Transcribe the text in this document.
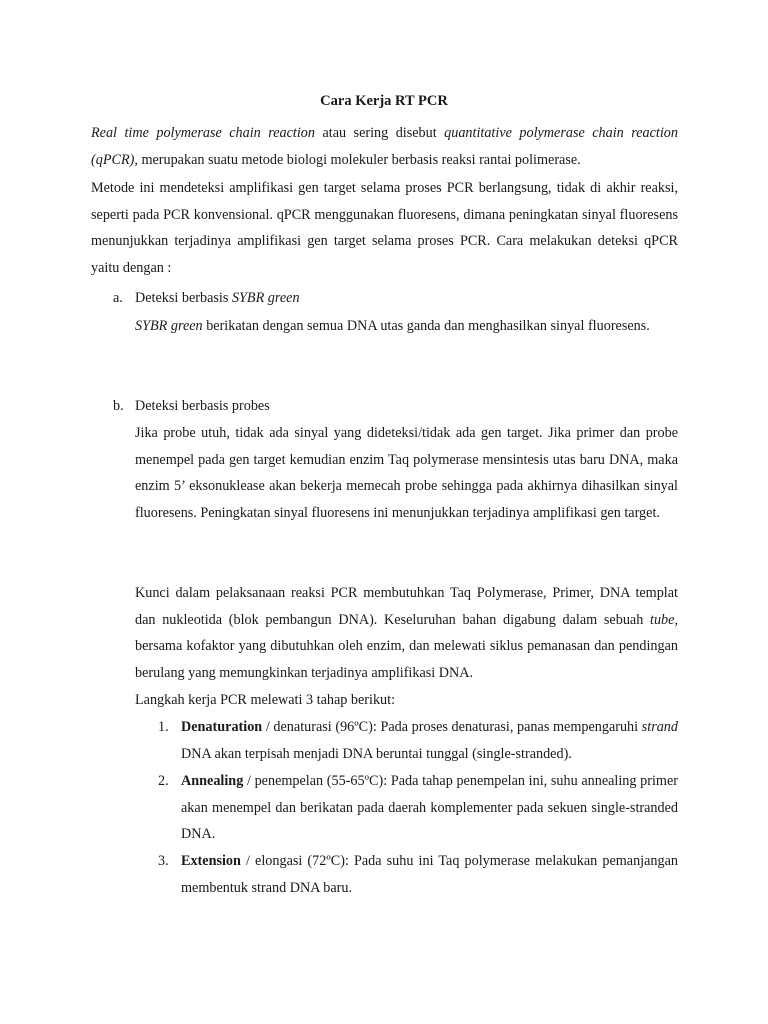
Cara Kerja RT PCR
Real time polymerase chain reaction atau sering disebut quantitative polymerase chain reaction (qPCR), merupakan suatu metode biologi molekuler berbasis reaksi rantai polimerase.
Metode ini mendeteksi amplifikasi gen target selama proses PCR berlangsung, tidak di akhir reaksi, seperti pada PCR konvensional. qPCR menggunakan fluoresens, dimana peningkatan sinyal fluoresens menunjukkan terjadinya amplifikasi gen target selama proses PCR. Cara melakukan deteksi qPCR yaitu dengan :
a. Deteksi berbasis SYBR green
SYBR green berikatan dengan semua DNA utas ganda dan menghasilkan sinyal fluoresens.
b. Deteksi berbasis probes
Jika probe utuh, tidak ada sinyal yang dideteksi/tidak ada gen target. Jika primer dan probe menempel pada gen target kemudian enzim Taq polymerase mensintesis utas baru DNA, maka enzim 5’ eksonuklease akan bekerja memecah probe sehingga pada akhirnya dihasilkan sinyal fluoresens. Peningkatan sinyal fluoresens ini menunjukkan terjadinya amplifikasi gen target.
Kunci dalam pelaksanaan reaksi PCR membutuhkan Taq Polymerase, Primer, DNA templat dan nukleotida (blok pembangun DNA). Keseluruhan bahan digabung dalam sebuah tube, bersama kofaktor yang dibutuhkan oleh enzim, dan melewati siklus pemanasan dan pendingan berulang yang memungkinkan terjadinya amplifikasi DNA.
Langkah kerja PCR melewati 3 tahap berikut:
1. Denaturation / denaturasi (96ºC): Pada proses denaturasi, panas mempengaruhi strand DNA akan terpisah menjadi DNA beruntai tunggal (single-stranded).
2. Annealing / penempelan (55-65ºC): Pada tahap penempelan ini, suhu annealing primer akan menempel dan berikatan pada daerah komplementer pada sekuen single-stranded DNA.
3. Extension / elongasi (72ºC): Pada suhu ini Taq polymerase melakukan pemanjangan membentuk strand DNA baru.
